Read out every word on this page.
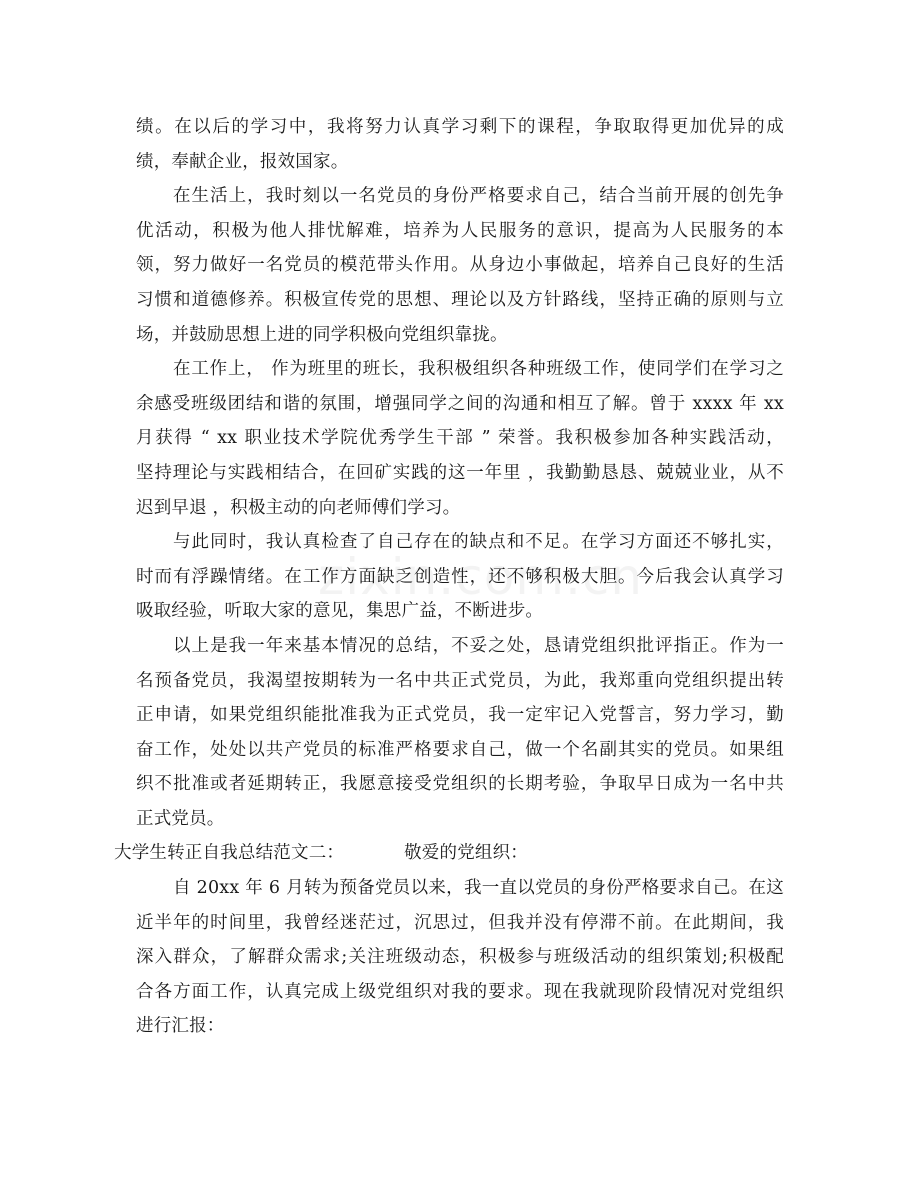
绩。在以后的学习中，我将努力认真学习剩下的课程，争取取得更加优异的成
绩，奉献企业，报效国家。
在生活上，我时刻以一名党员的身份严格要求自己，结合当前开展的创先争
优活动，积极为他人排忧解难，培养为人民服务的意识，提高为人民服务的本
领，努力做好一名党员的模范带头作用。从身边小事做起，培养自己良好的生活
习惯和道德修养。积极宣传党的思想、理论以及方针路线，坚持正确的原则与立
场，并鼓励思想上进的同学积极向党组织靠拢。
在工作上， 作为班里的班长，我积极组织各种班级工作，使同学们在学习之
余感受班级团结和谐的氛围，增强同学之间的沟通和相互了解。曾于 xxxx 年 xx
月获得 “ xx 职业技术学院优秀学生干部 ” 荣誉。我积极参加各种实践活动，
坚持理论与实践相结合，在回矿实践的这一年里 ，我勤勤恳恳、兢兢业业，从不
迟到早退 ，积极主动的向老师傅们学习。
与此同时，我认真检查了自己存在的缺点和不足。在学习方面还不够扎实，
时而有浮躁情绪。在工作方面缺乏创造性，还不够积极大胆。今后我会认真学习
吸取经验，听取大家的意见，集思广益，不断进步。
以上是我一年来基本情况的总结，不妥之处，恳请党组织批评指正。作为一
名预备党员，我渴望按期转为一名中共正式党员，为此，我郑重向党组织提出转
正申请，如果党组织能批准我为正式党员，我一定牢记入党誓言，努力学习，勤
奋工作，处处以共产党员的标准严格要求自己，做一个名副其实的党员。如果组
织不批准或者延期转正，我愿意接受党组织的长期考验，争取早日成为一名中共
正式党员。
大学生转正自我总结范文二：	敬爱的党组织：
自 20xx 年 6 月转为预备党员以来，我一直以党员的身份严格要求自己。在这
近半年的时间里，我曾经迷茫过，沉思过，但我并没有停滞不前。在此期间，我
深入群众，了解群众需求;关注班级动态，积极参与班级活动的组织策划;积极配
合各方面工作，认真完成上级党组织对我的要求。现在我就现阶段情况对党组织
进行汇报：
